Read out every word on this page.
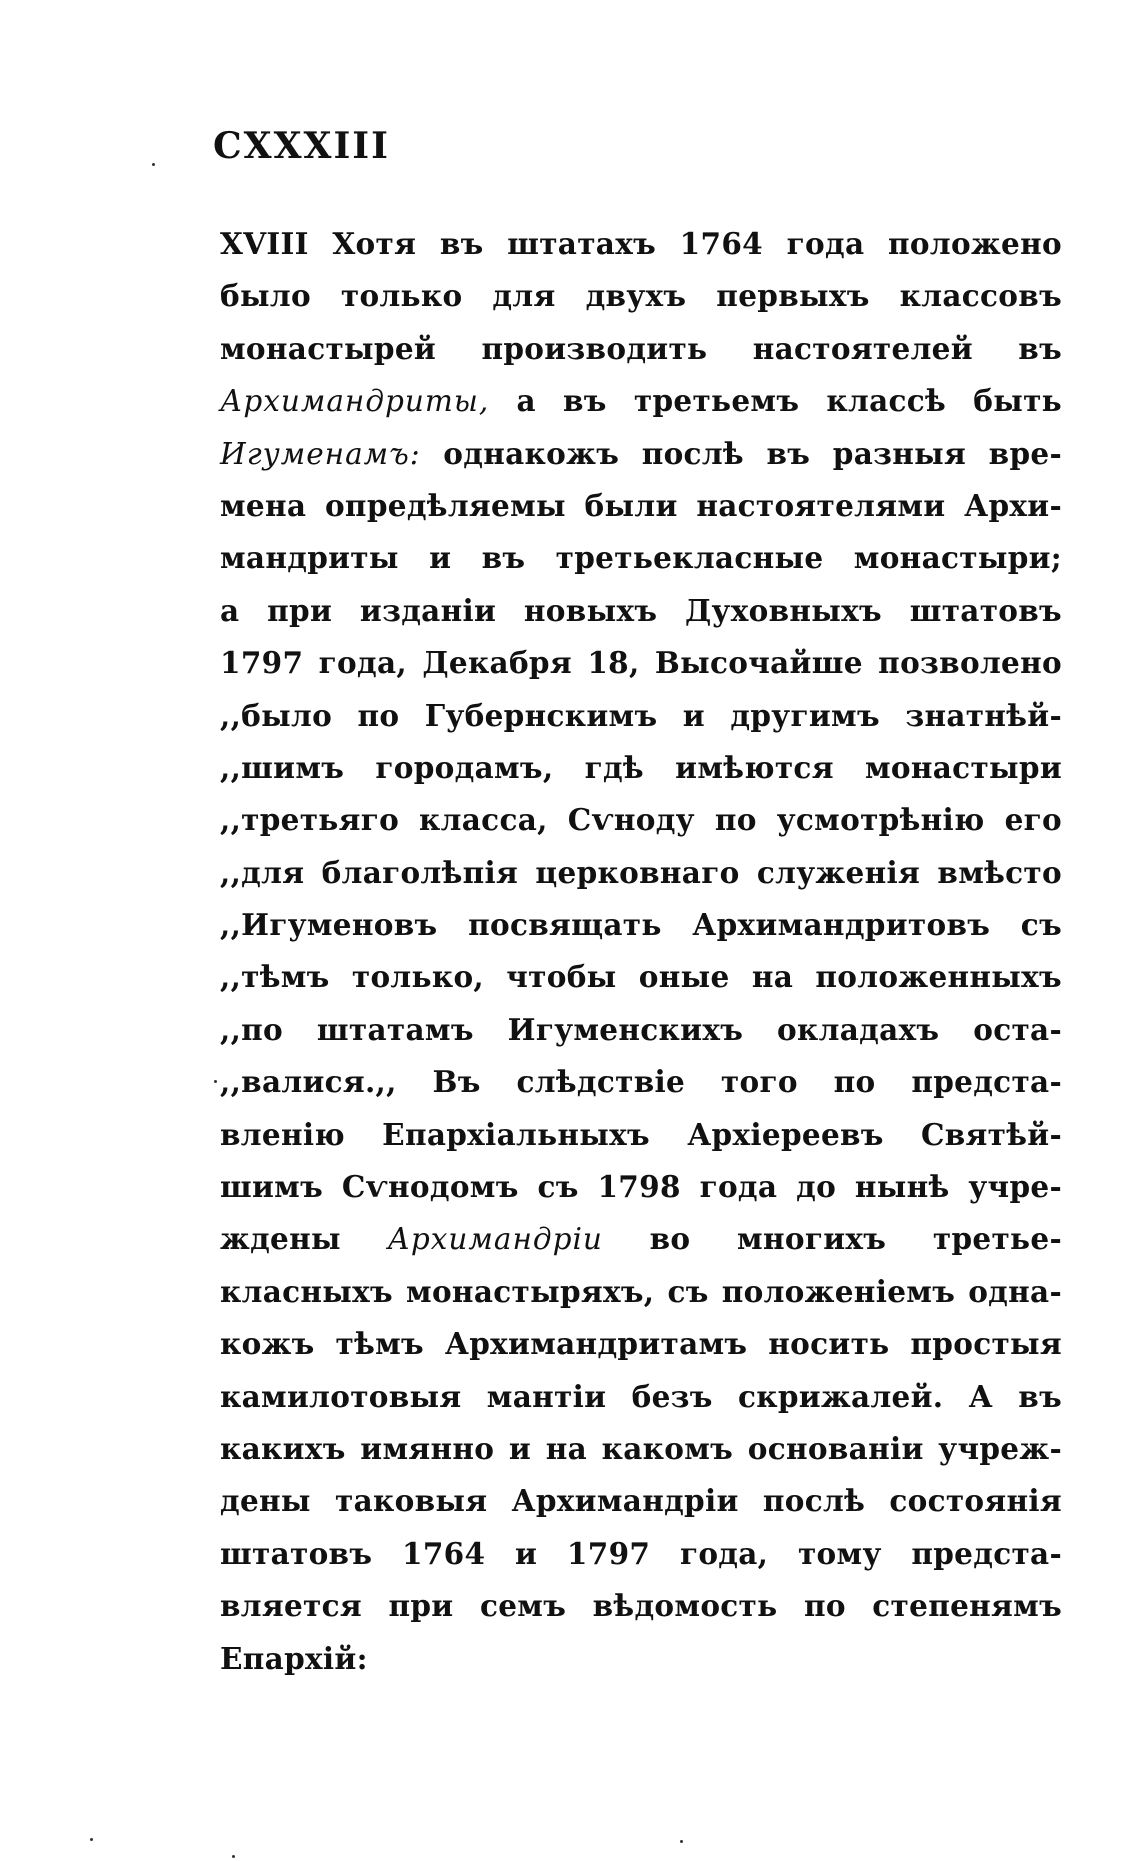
CXXXIII
XVIII Хотя въ штатахъ 1764 года положено
было только для двухъ первыхъ классовъ
монастырей производить настоятелей въ
Архимандриты, а въ третьемъ классѣ быть
Игуменамъ: однакожъ послѣ въ разныя вре-
мена опредѣляемы были настоятелями Архи-
мандриты и въ третьекласные монастыри;
а при изданіи новыхъ Духовныхъ штатовъ
1797 года, Декабря 18, Высочайше позволено
,,было по Губернскимъ и другимъ знатнѣй-
,,шимъ городамъ, гдѣ имѣются монастыри
,,третьяго класса, Сѵноду по усмотрѣнію его
,,для благолѣпія церковнаго служенія вмѣсто
,,Игуменовъ посвящать Архимандритовъ съ
,,тѣмъ только, чтобы оные на положенныхъ
,,по штатамъ Игуменскихъ окладахъ оста-
,,валися.,, Въ слѣдствіе того по предста-
вленію Епархіальныхъ Архіереевъ Святѣй-
шимъ Сѵнодомъ съ 1798 года до нынѣ учре-
ждены Архимандріи во многихъ третье-
класныхъ монастыряхъ, съ положеніемъ одна-
кожъ тѣмъ Архимандритамъ носить простыя
камилотовыя мантіи безъ скрижалей. А въ
какихъ имянно и на какомъ основаніи учреж-
дены таковыя Архимандріи послѣ состоянія
штатовъ 1764 и 1797 года, тому предста-
вляется при семъ вѣдомость по степенямъ
Епархій:
